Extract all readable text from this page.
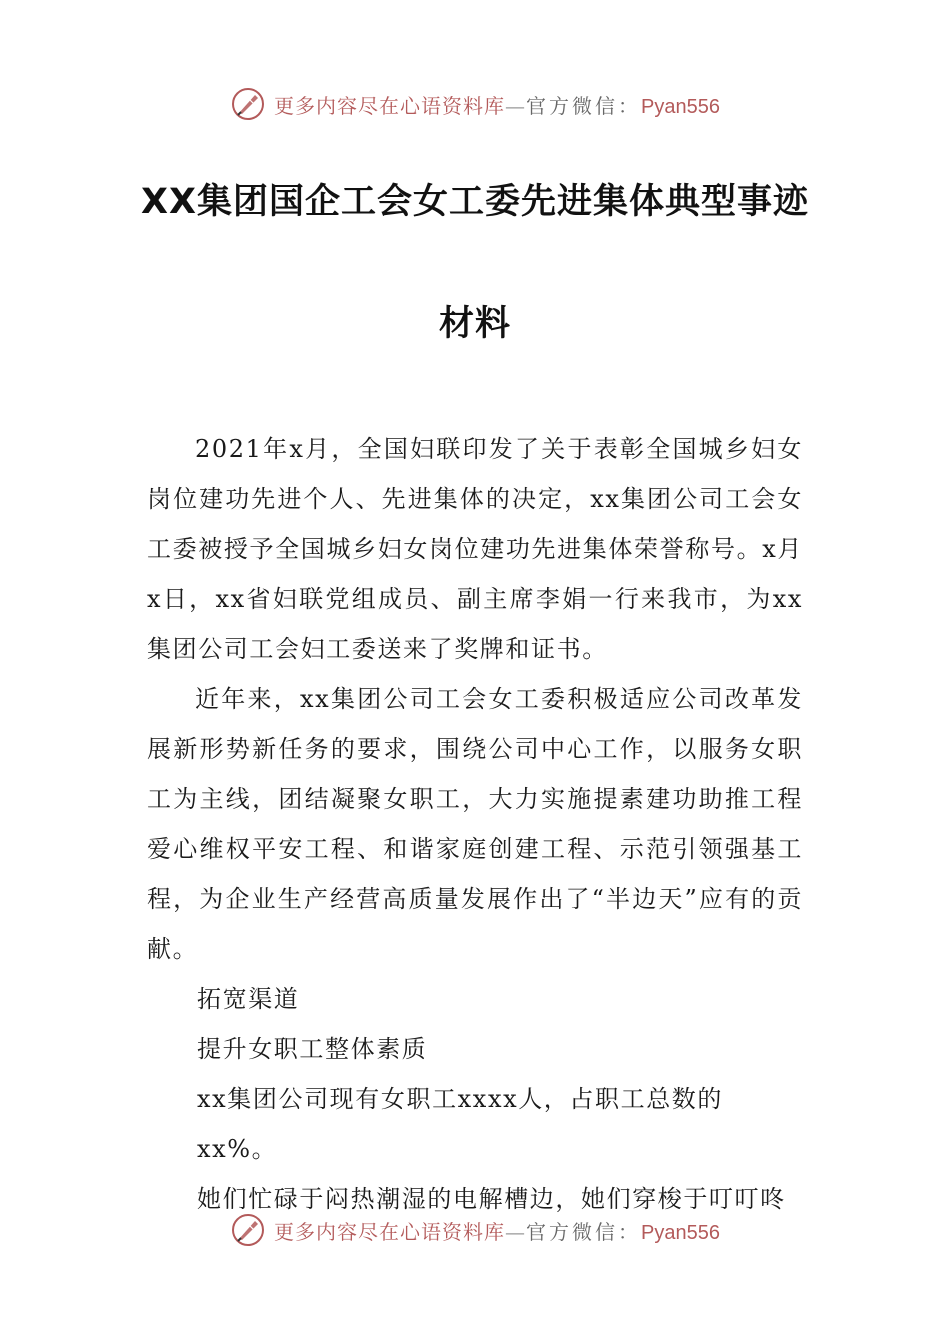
更多内容尽在心语资料库—官方微信：Pyan556
XX集团国企工会女工委先进集体典型事迹
材料

2021年x月，全国妇联印发了关于表彰全国城乡妇女岗位建功先进个人、先进集体的决定，xx集团公司工会女工委被授予全国城乡妇女岗位建功先进集体荣誉称号。x月x日，xx省妇联党组成员、副主席李娟一行来我市，为xx集团公司工会妇工委送来了奖牌和证书。

近年来，xx集团公司工会女工委积极适应公司改革发展新形势新任务的要求，围绕公司中心工作，以服务女职工为主线，团结凝聚女职工，大力实施提素建功助推工程爱心维权平安工程、和谐家庭创建工程、示范引领强基工程，为企业生产经营高质量发展作出了“半边天”应有的贡献。

拓宽渠道

提升女职工整体素质

xx集团公司现有女职工xxxx人，占职工总数的xx%。

她们忙碌于闷热潮湿的电解槽边，她们穿梭于叮叮咚

更多内容尽在心语资料库—官方微信：Pyan556
